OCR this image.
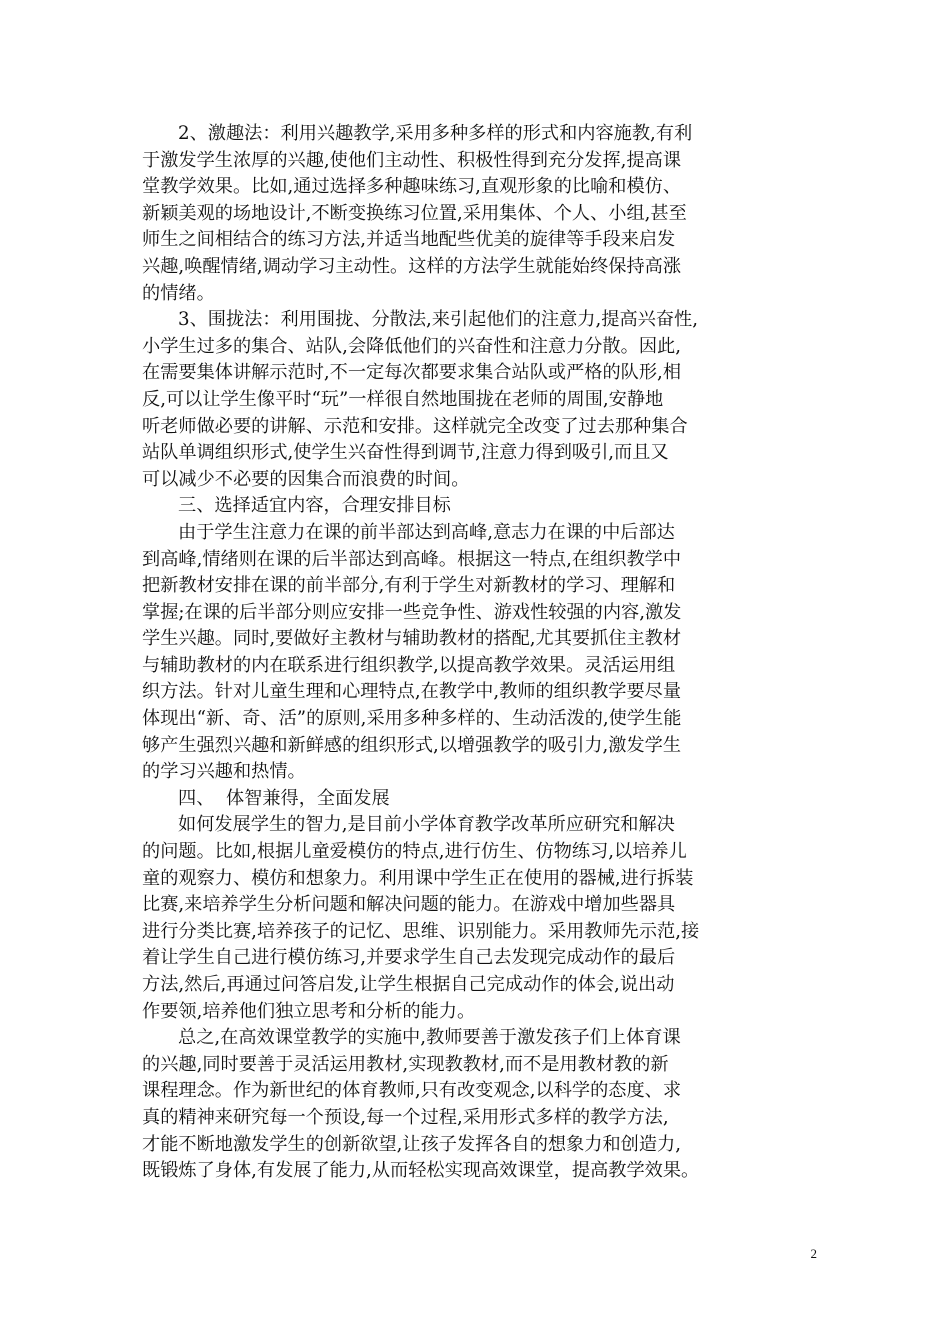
2、激趣法：利用兴趣教学,采用多种多样的形式和内容施教,有利
于激发学生浓厚的兴趣,使他们主动性、积极性得到充分发挥,提高课
堂教学效果。比如,通过选择多种趣味练习,直观形象的比喻和模仿、
新颖美观的场地设计,不断变换练习位置,采用集体、个人、小组,甚至
师生之间相结合的练习方法,并适当地配些优美的旋律等手段来启发
兴趣,唤醒情绪,调动学习主动性。这样的方法学生就能始终保持高涨
的情绪。
3、围拢法：利用围拢、分散法,来引起他们的注意力,提高兴奋性,
小学生过多的集合、站队,会降低他们的兴奋性和注意力分散。因此,
在需要集体讲解示范时,不一定每次都要求集合站队或严格的队形,相
反,可以让学生像平时“玩”一样很自然地围拢在老师的周围,安静地
听老师做必要的讲解、示范和安排。这样就完全改变了过去那种集合
站队单调组织形式,使学生兴奋性得到调节,注意力得到吸引,而且又
可以减少不必要的因集合而浪费的时间。
三、选择适宜内容，合理安排目标
由于学生注意力在课的前半部达到高峰,意志力在课的中后部达
到高峰,情绪则在课的后半部达到高峰。根据这一特点,在组织教学中
把新教材安排在课的前半部分,有利于学生对新教材的学习、理解和
掌握;在课的后半部分则应安排一些竞争性、游戏性较强的内容,激发
学生兴趣。同时,要做好主教材与辅助教材的搭配,尤其要抓住主教材
与辅助教材的内在联系进行组织教学,以提高教学效果。灵活运用组
织方法。针对儿童生理和心理特点,在教学中,教师的组织教学要尽量
体现出“新、奇、活”的原则,采用多种多样的、生动活泼的,使学生能
够产生强烈兴趣和新鲜感的组织形式,以增强教学的吸引力,激发学生
的学习兴趣和热情。
四、  体智兼得，全面发展
如何发展学生的智力,是目前小学体育教学改革所应研究和解决
的问题。比如,根据儿童爱模仿的特点,进行仿生、仿物练习,以培养儿
童的观察力、模仿和想象力。利用课中学生正在使用的器械,进行拆装
比赛,来培养学生分析问题和解决问题的能力。在游戏中增加些器具
进行分类比赛,培养孩子的记忆、思维、识别能力。采用教师先示范,接
着让学生自己进行模仿练习,并要求学生自己去发现完成动作的最后
方法,然后,再通过问答启发,让学生根据自己完成动作的体会,说出动
作要领,培养他们独立思考和分析的能力。
总之,在高效课堂教学的实施中,教师要善于激发孩子们上体育课
的兴趣,同时要善于灵活运用教材,实现教教材,而不是用教材教的新
课程理念。作为新世纪的体育教师,只有改变观念,以科学的态度、求
真的精神来研究每一个预设,每一个过程,采用形式多样的教学方法,
才能不断地激发学生的创新欲望,让孩子发挥各自的想象力和创造力,
既锻炼了身体,有发展了能力,从而轻松实现高效课堂，提高教学效果。
2
